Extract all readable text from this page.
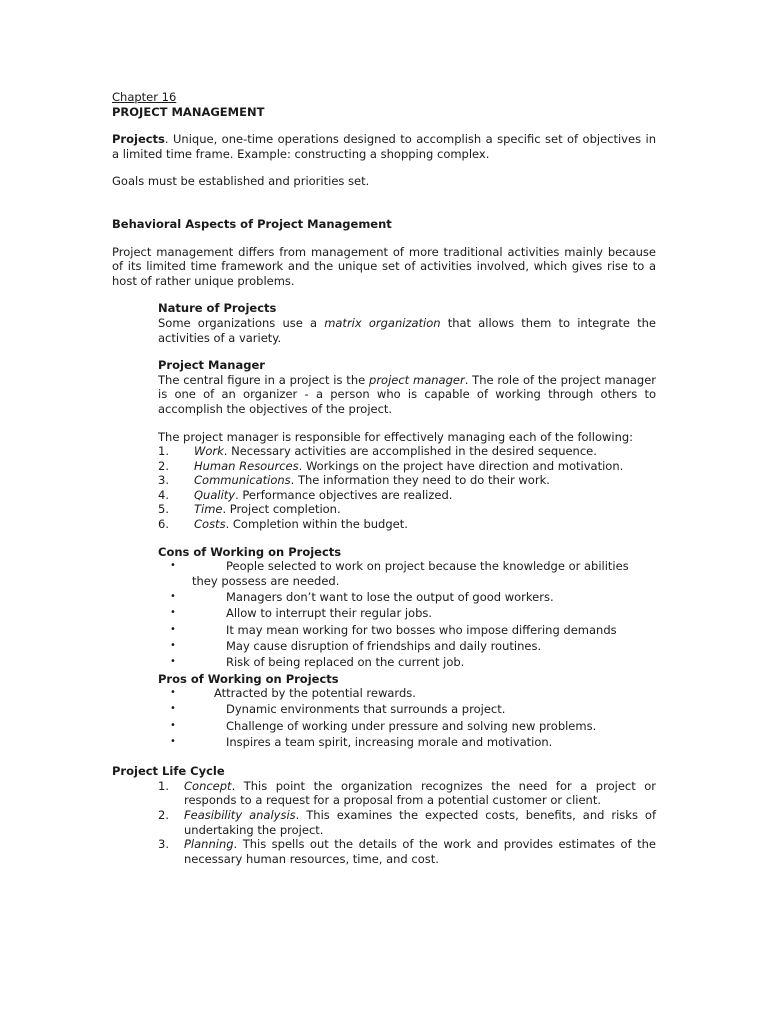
Chapter 16
PROJECT MANAGEMENT

Projects. Unique, one-time operations designed to accomplish a specific set of objectives in a limited time frame. Example: constructing a shopping complex.

Goals must be established and priorities set.

Behavioral Aspects of Project Management

Project management differs from management of more traditional activities mainly because of its limited time framework and the unique set of activities involved, which gives rise to a host of rather unique problems.

Nature of Projects

Some organizations use a matrix organization that allows them to integrate the activities of a variety.

Project Manager

The central figure in a project is the project manager. The role of the project manager is one of an organizer - a person who is capable of working through others to accomplish the objectives of the project.

The project manager is responsible for effectively managing each of the following:

1. Work. Necessary activities are accomplished in the desired sequence.
2. Human Resources. Workings on the project have direction and motivation.
3. Communications. The information they need to do their work.
4. Quality. Performance objectives are realized.
5. Time. Project completion.
6. Costs. Completion within the budget.
Cons of Working on Projects
•	People selected to work on project because the knowledge or abilities they possess are needed.
•	Managers don’t want to lose the output of good workers.
•	Allow to interrupt their regular jobs.
•	It may mean working for two bosses who impose differing demands
•	May cause disruption of friendships and daily routines.
•	Risk of being replaced on the current job.
Pros of Working on Projects
•	Attracted by the potential rewards.
•	Dynamic environments that surrounds a project.
•	Challenge of working under pressure and solving new problems.
•	Inspires a team spirit, increasing morale and motivation.
Project Life Cycle
1. Concept. This point the organization recognizes the need for a project or responds to a request for a proposal from a potential customer or client.

2. Feasibility analysis. This examines the expected costs, benefits, and risks of undertaking the project.

3. Planning. This spells out the details of the work and provides estimates of the necessary human resources, time, and cost.
